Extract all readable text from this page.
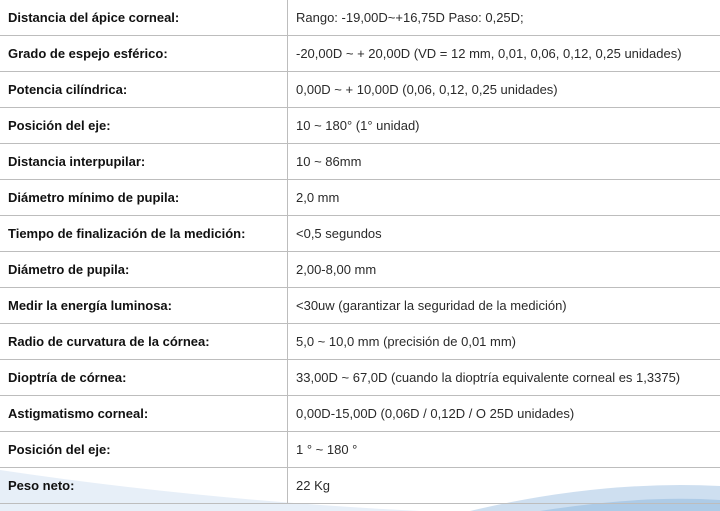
Distancia del ápice corneal:	Rango: -19,00D~+16,75D Paso: 0,25D;
Grado de espejo esférico:	-20,00D ~ + 20,00D (VD = 12 mm, 0,01, 0,06, 0,12, 0,25 unidades)
Potencia cilíndrica:	0,00D ~ + 10,00D (0,06, 0,12, 0,25 unidades)
Posición del eje:	10 ~ 180° (1° unidad)
Distancia interpupilar:	10 ~ 86mm
Diámetro mínimo de pupila:	2,0 mm
Tiempo de finalización de la medición:	<0,5 segundos
Diámetro de pupila:	2,00-8,00 mm
Medir la energía luminosa:	<30uw (garantizar la seguridad de la medición)
Radio de curvatura de la córnea:	5,0 ~ 10,0 mm (precisión de 0,01 mm)
Dioptría de córnea:	33,00D ~ 67,0D (cuando la dioptría equivalente corneal es 1,3375)
Astigmatismo corneal:	0,00D-15,00D (0,06D / 0,12D / O 25D unidades)
Posición del eje:	1 ° ~ 180 °
Peso neto:	22 Kg
